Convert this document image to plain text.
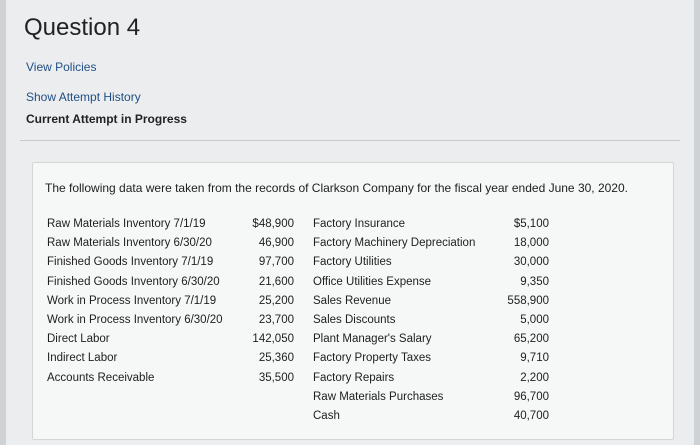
Question 4
View Policies
Show Attempt History
Current Attempt in Progress
The following data were taken from the records of Clarkson Company for the fiscal year ended June 30, 2020.
Raw Materials Inventory 7/1/19
Raw Materials Inventory 6/30/20
Finished Goods Inventory 7/1/19
Finished Goods Inventory 6/30/20
Work in Process Inventory 7/1/19
Work in Process Inventory 6/30/20
Direct Labor
Indirect Labor
Accounts Receivable
$48,900
46,900
97,700
21,600
25,200
23,700
142,050
25,360
35,500
Factory Insurance
Factory Machinery Depreciation
Factory Utilities
Office Utilities Expense
Sales Revenue
Sales Discounts
Plant Manager's Salary
Factory Property Taxes
Factory Repairs
Raw Materials Purchases
Cash
$5,100
18,000
30,000
9,350
558,900
5,000
65,200
9,710
2,200
96,700
40,700
